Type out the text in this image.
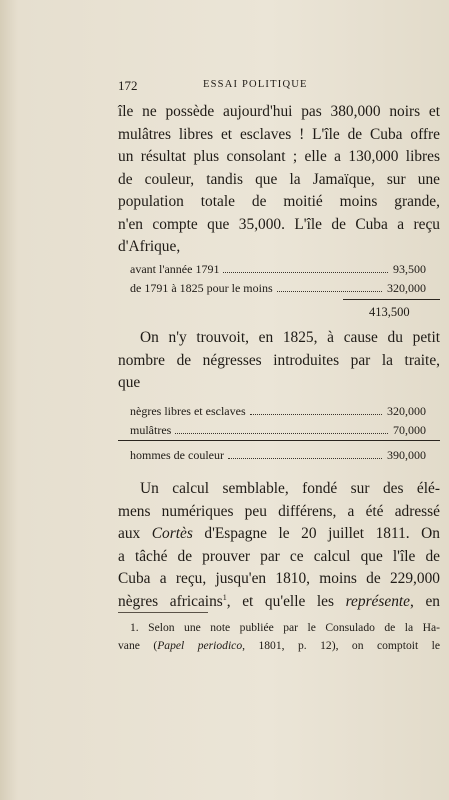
172	ESSAI POLITIQUE
île ne possède aujourd'hui pas 380,000 noirs et
mulâtres libres et esclaves ! L'île de Cuba offre
un résultat plus consolant ; elle a 130,000 libres
de couleur, tandis que la Jamaïque, sur une
population totale de moitié moins grande,
n'en compte que 35,000. L'île de Cuba a reçu
d'Afrique,
avant l'année 1791	93,500
de 1791 à 1825 pour le moins	320,000
413,500
On n'y trouvoit, en 1825, à cause du petit
nombre de négresses introduites par la traite,
que
nègres libres et esclaves	320,000
mulâtres	70,000
hommes de couleur	390,000
Un calcul semblable, fondé sur des élé-
mens numériques peu différens, a été adressé
aux Cortès d'Espagne le 20 juillet 1811. On
a tâché de prouver par ce calcul que l'île de
Cuba a reçu, jusqu'en 1810, moins de 229,000
nègres africains$^1$, et qu'elle les représente, en
1. Selon une note publiée par le Consulado de la Ha-
vane (Papel periodico, 1801, p. 12), on comptoit le
